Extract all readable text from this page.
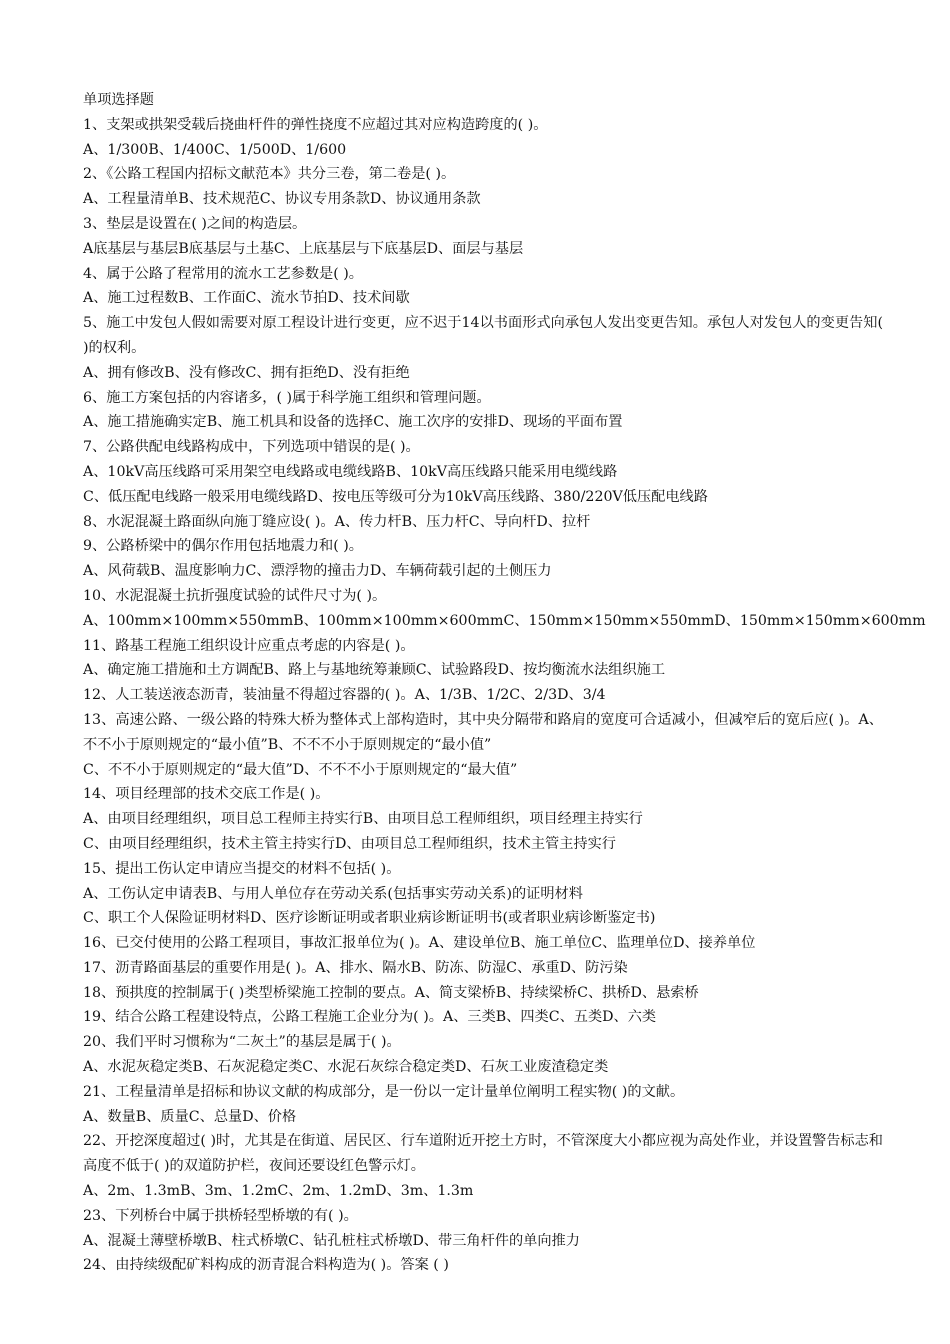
单项选择题
1、支架或拱架受载后挠曲杆件的弹性挠度不应超过其对应构造跨度的( )。
A、1/300B、1/400C、1/500D、1/600
2、《公路工程国内招标文献范本》共分三卷，第二卷是( )。
A、工程量清单B、技术规范C、协议专用条款D、协议通用条款
3、垫层是设置在( )之间的构造层。
A底基层与基层B底基层与土基C、上底基层与下底基层D、面层与基层
4、属于公路了程常用的流水工艺参数是( )。
A、施工过程数B、工作面C、流水节拍D、技术间歇
5、施工中发包人假如需要对原工程设计进行变更，应不迟于14以书面形式向承包人发出变更告知。承包人对发包人的变更告知( )的权利。
A、拥有修改B、没有修改C、拥有拒绝D、没有拒绝
6、施工方案包括的内容诸多，( )属于科学施工组织和管理问题。
A、施工措施确实定B、施工机具和设备的选择C、施工次序的安排D、现场的平面布置
7、公路供配电线路构成中，下列选项中错误的是( )。
A、10kV高压线路可采用架空电线路或电缆线路B、10kV高压线路只能采用电缆线路
C、低压配电线路一般采用电缆线路D、按电压等级可分为10kV高压线路、380/220V低压配电线路
8、水泥混凝土路面纵向施丁缝应设( )。A、传力杆B、压力杆C、导向杆D、拉杆
9、公路桥梁中的偶尔作用包括地震力和( )。
A、风荷载B、温度影响力C、漂浮物的撞击力D、车辆荷载引起的土侧压力
10、水泥混凝土抗折强度试验的试件尺寸为( )。
A、100mm×100mm×550mmB、100mm×100mm×600mmC、150mm×150mm×550mmD、150mm×150mm×600mm
11、路基工程施工组织设计应重点考虑的内容是( )。
A、确定施工措施和土方调配B、路上与基地统筹兼顾C、试验路段D、按均衡流水法组织施工
12、人工装送液态沥青，装油量不得超过容器的( )。A、1/3B、1/2C、2/3D、3/4
13、高速公路、一级公路的特殊大桥为整体式上部构造时，其中央分隔带和路肩的宽度可合适减小，但减窄后的宽后应( )。A、不不小于原则规定的“最小值”B、不不不小于原则规定的“最小值”
C、不不小于原则规定的“最大值”D、不不不小于原则规定的“最大值”
14、项目经理部的技术交底工作是( )。
A、由项目经理组织，项目总工程师主持实行B、由项目总工程师组织，项目经理主持实行
C、由项目经理组织，技术主管主持实行D、由项目总工程师组织，技术主管主持实行
15、提出工伤认定申请应当提交的材料不包括( )。
A、工伤认定申请表B、与用人单位存在劳动关系(包括事实劳动关系)的证明材料
C、职工个人保险证明材料D、医疗诊断证明或者职业病诊断证明书(或者职业病诊断鉴定书)
16、已交付使用的公路工程项目，事故汇报单位为( )。A、建设单位B、施工单位C、监理单位D、接养单位
17、沥青路面基层的重要作用是( )。A、排水、隔水B、防冻、防湿C、承重D、防污染
18、预拱度的控制属于( )类型桥梁施工控制的要点。A、简支梁桥B、持续梁桥C、拱桥D、悬索桥
19、结合公路工程建设特点，公路工程施工企业分为( )。A、三类B、四类C、五类D、六类
20、我们平时习惯称为“二灰土”的基层是属于( )。
A、水泥灰稳定类B、石灰泥稳定类C、水泥石灰综合稳定类D、石灰工业废渣稳定类
21、工程量清单是招标和协议文献的构成部分，是一份以一定计量单位阐明工程实物( )的文献。
A、数量B、质量C、总量D、价格
22、开挖深度超过( )时，尤其是在街道、居民区、行车道附近开挖土方时，不管深度大小都应视为高处作业，并设置警告标志和高度不低于( )的双道防护栏，夜间还要设红色警示灯。
A、2m、1.3mB、3m、1.2mC、2m、1.2mD、3m、1.3m
23、下列桥台中属于拱桥轻型桥墩的有( )。
A、混凝土薄壁桥墩B、柱式桥墩C、钻孔桩柱式桥墩D、带三角杆件的单向推力
24、由持续级配矿料构成的沥青混合料构造为( )。答案 ( )
